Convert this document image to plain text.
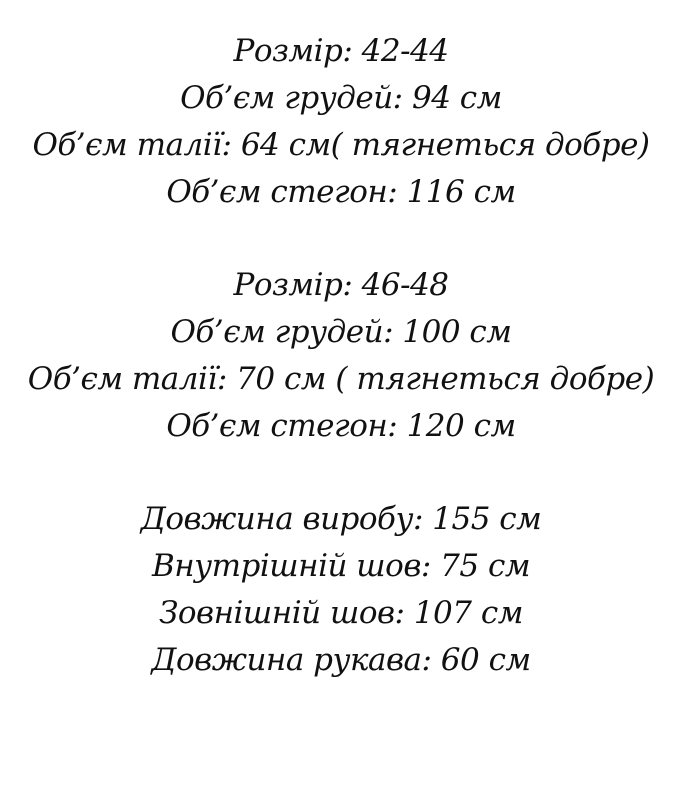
Розмір: 42-44
Об’єм грудей: 94 см
Об’єм талії: 64 см( тягнеться добре)
Об’єм стегон: 116 см
Розмір: 46-48
Об’єм грудей: 100 см
Об’єм талії: 70 см ( тягнеться добре)
Об’єм стегон: 120 см
Довжина виробу: 155 см
Внутрішній шов: 75 см
Зовнішній шов: 107 см
Довжина рукава: 60 см
